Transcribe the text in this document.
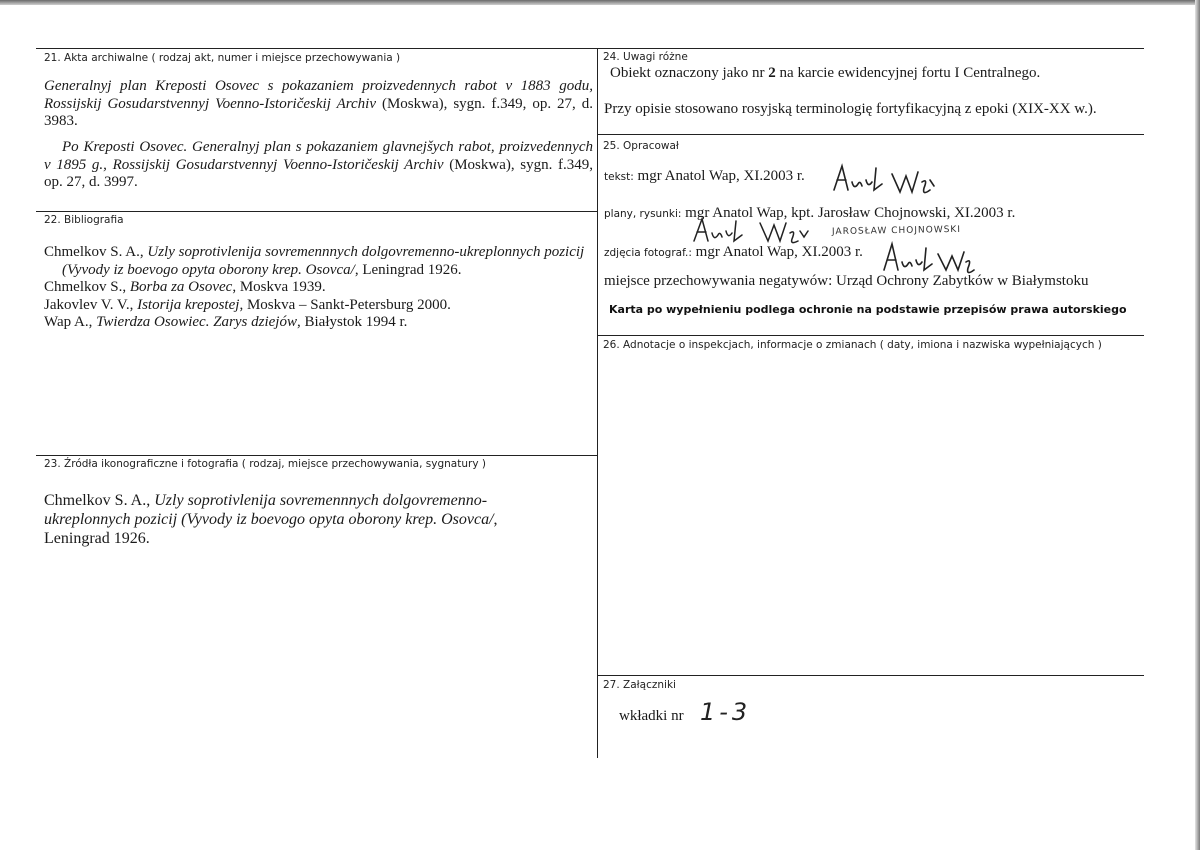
21. Akta archiwalne ( rodzaj akt, numer i miejsce przechowywania )
Generalnyj plan Kreposti Osovec s pokazaniem proizvedennych rabot v 1883 godu, Rossijskij Gosudarstvennyj Voenno-Istoričeskij Archiv (Moskwa), sygn. f.349, op. 27, d. 3983.
Po Kreposti Osovec. Generalnyj plan s pokazaniem glavnejšych rabot, proizvedennych v 1895 g., Rossijskij Gosudarstvennyj Voenno-Istoričeskij Archiv (Moskwa), sygn. f.349, op. 27, d. 3997.
22. Bibliografia

Chmelkov S. A., Uzly soprotivlenija sovremennnych dolgovremenno-ukreplonnych pozicij (Vyvody iz boevogo opyta oborony krep. Osovca/, Leningrad 1926.

Chmelkov S., Borba za Osovec, Moskva 1939.

Jakovlev V. V., Istorija krepostej, Moskva – Sankt-Petersburg 2000.

Wap A., Twierdza Osowiec. Zarys dziejów, Białystok 1994 r.

23. Źródła ikonograficzne i fotografia ( rodzaj, miejsce przechowywania, sygnatury )
Chmelkov S. A., Uzly soprotivlenija sovremennnych dolgovremenno-ukreplonnych pozicij (Vyvody iz boevogo opyta oborony krep. Osovca/, Leningrad 1926.
24. Uwagi różne
Obiekt oznaczony jako nr 2 na karcie ewidencyjnej fortu I Centralnego.
Przy opisie stosowano rosyjską terminologię fortyfikacyjną z epoki (XIX-XX w.).
25. Opracował
tekst: mgr Anatol Wap, XI.2003 r.
plany, rysunki: mgr Anatol Wap, kpt. Jarosław Chojnowski, XI.2003 r.
zdjęcia fotograf.: mgr Anatol Wap, XI.2003 r.
miejsce przechowywania negatywów: Urząd Ochrony Zabytków w Białymstoku
Karta po wypełnieniu podlega ochronie na podstawie przepisów prawa autorskiego
JAROSŁAW CHOJNOWSKI
26. Adnotacje o inspekcjach, informacje o zmianach ( daty, imiona i nazwiska wypełniających )
27. Załączniki
wkładki nr 1-3
